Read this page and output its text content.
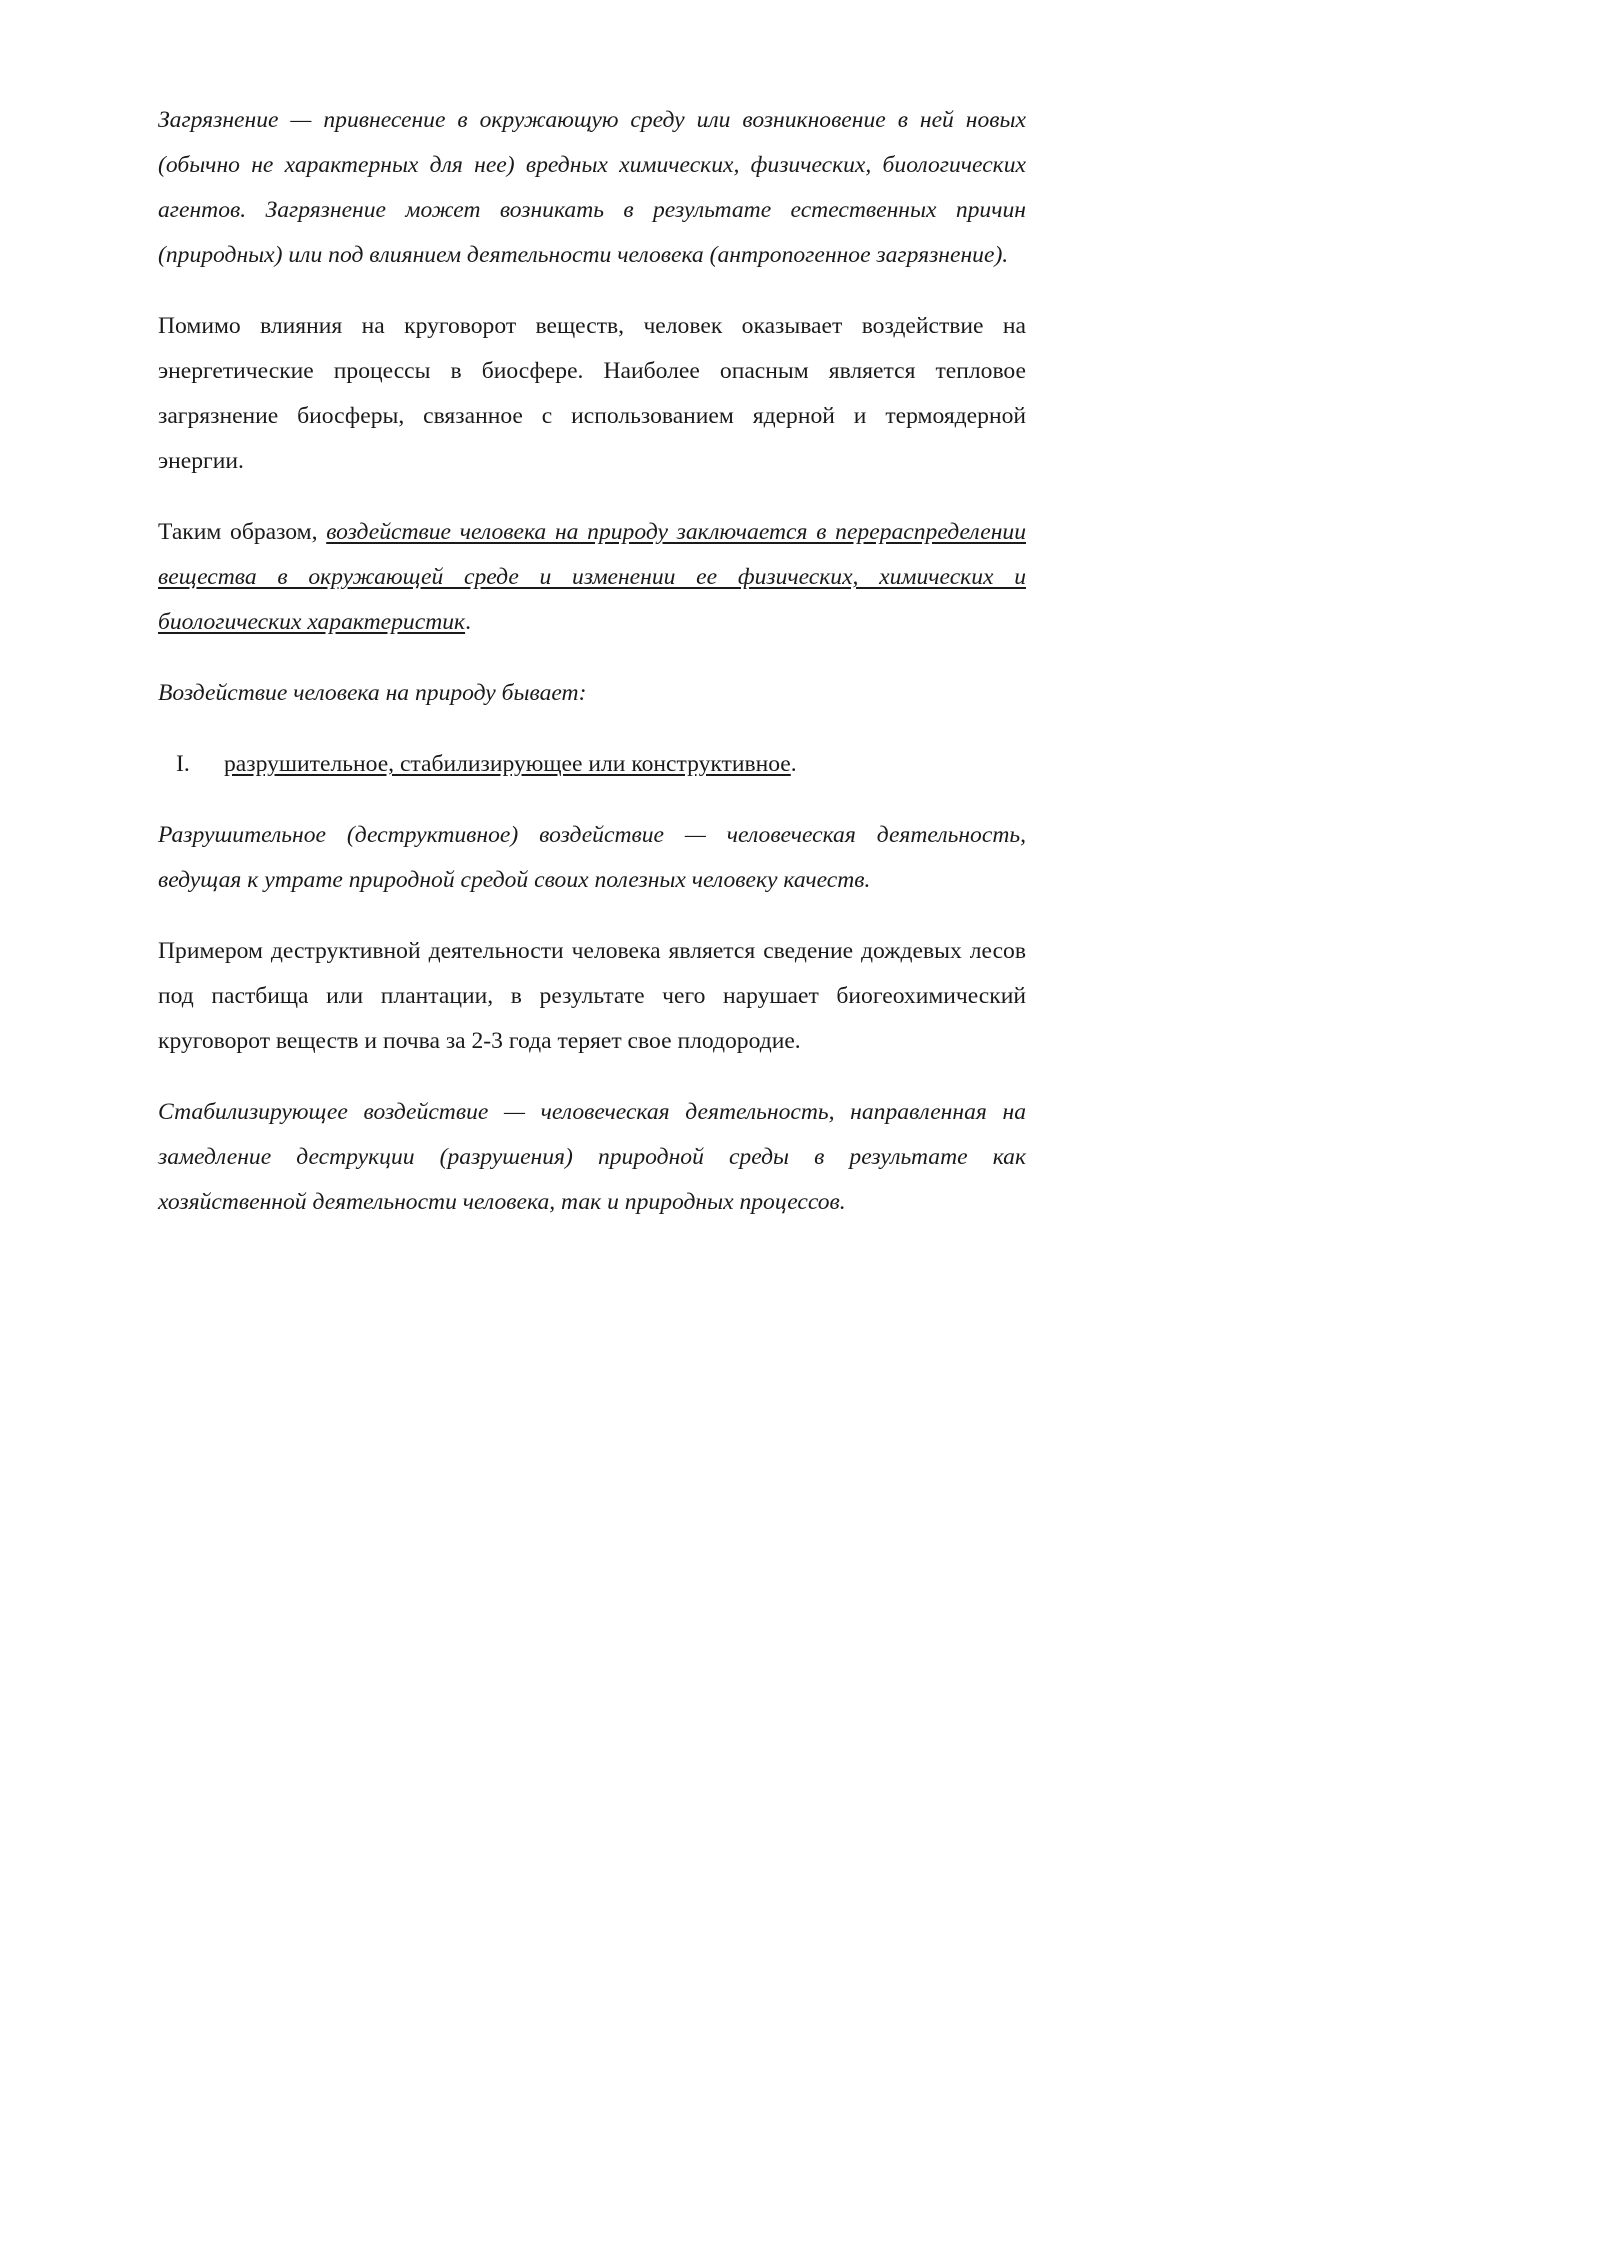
Загрязнение — привнесение в окружающую среду или возникновение в ней новых (обычно не характерных для нее) вредных химических, физических, биологических агентов. Загрязнение может возникать в результате естественных причин (природных) или под влиянием деятельности человека (антропогенное загрязнение).

Помимо влияния на круговорот веществ, человек оказывает воздействие на энергетические процессы в биосфере. Наиболее опасным является тепловое загрязнение биосферы, связанное с использованием ядерной и термоядерной энергии.

Таким образом, воздействие человека на природу заключается в перераспределении вещества в окружающей среде и изменении ее физических, химических и биологических характеристик.

Воздействие человека на природу бывает:

I.	разрушительное, стабилизирующее или конструктивное.

Разрушительное (деструктивное) воздействие — человеческая деятельность, ведущая к утрате природной средой своих полезных человеку качеств.

Примером деструктивной деятельности человека является сведение дождевых лесов под пастбища или плантации, в результате чего нарушает биогеохимический круговорот веществ и почва за 2-3 года теряет свое плодородие.

Стабилизирующее воздействие — человеческая деятельность, направленная на замедление деструкции (разрушения) природной среды в результате как хозяйственной деятельности человека, так и природных процессов.
